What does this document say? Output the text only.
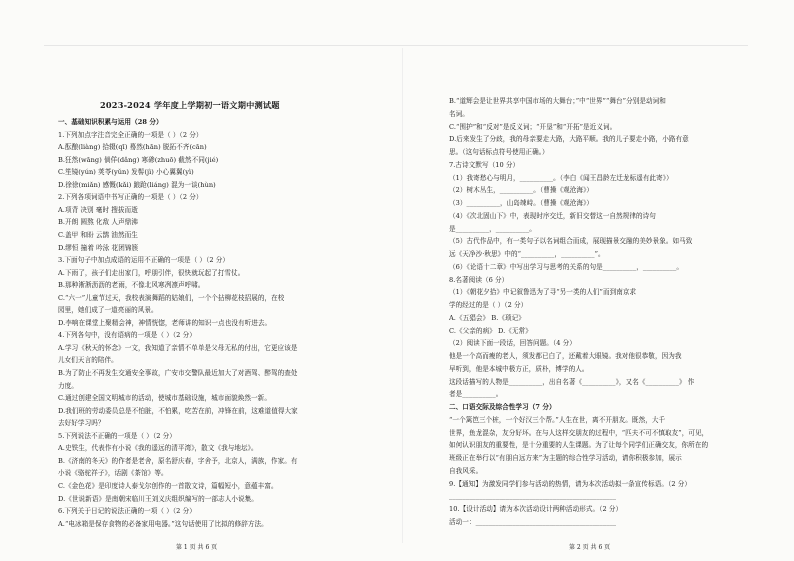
2023-2024 学年度上学期初一语文期中测试题
一、基础知识积累与运用（28 分）
1.下列加点字注音完全正确的一项是（ ）（2 分）
A.酝酿(liàng) 拾辍(qī) 蓦然(hān) 脱拓不齐(cān)
B.狂然(wāng) 倘佯(dǎng) 寒碜(zhuō) 截然不同(jié)
C.笙镜(yún) 荚苓(yǔn) 发髻(jì) 小心翼翼(yì)
D.徐徐(miǎn) 感慨(kǎi) 踉跄(liáng) 混为一谈(hùn)
2.下列各项词语中书写正确的一项是（ ）（2 分）
A.项背 决别 毫时 搜拔而逝
B.开朗 圆熬 化敌 人声鼎沸
C.盖甲 和盼 云鹊 油然而生
D.缪恒 撞着 吟泳 花团锦簇
3.下面句子中加点成语的运用不正确的一项是（ ）（2 分）
A.下雨了，孩子们走出家门，呼朋引伴，很快就玩起了打雪仗。
B.那种淅淅沥沥的老雨，不像北风寒冽凛声呼啸。
C.“六一”儿童节过天，我校表演舞蹈的姑娘们，一个个拈柳花枝招展的，在校
园里，她们成了一道亮丽的风景。
D.李响在课堂上聚精会神，神情恍惚，老师讲的知识一点也没有听进去。
4.下列各句中，没有语病的一项是（ ）（2 分）
A.学习《秋天的怀念》一文，我知道了亲情不单单是父母无私的付出，它更应该是
儿女们天言的陪伴。
B.为了防止不再发生交通安全事故，广安市交警队最近加大了对酒驾、醉驾的查处
力度。
C.通过创建全国文明城市的活动，使城市基础设施，城市面貌焕然一新。
D.我们班的劳动委员总是不怕脏，不怕累，吃苦在前，冲锋在前，这难道值得大家
去好好学习吗？
5.下列说法不正确的一项是（ ）（2 分）
A.史铁生，代表作有小说《我的遥远的清平湾》，散文《我与地坛》。
B.《济南的冬天》的作者是老舍，原名舒庆春，字舍予，北京人，满族，作家。有
小说《骆驼祥子》，话剧《茶馆》等。
C.《金色花》是印度诗人泰戈尔创作的一首散文诗，篇幅短小，意蕴丰富。
D.《世说新语》是南朝宋临川王刘义庆组织编写的一部志人小说集。
6.下列关于日记的说法正确的一项（ ）（2 分）
A.“电冰箱是保存食物的必备家用电器。”这句话使用了比拟的修辞方法。
第 1 页 共 6 页
B.“道辉会是让世界共享中国市场的大舞台；”中“世界”“舞台”分别是动词和
名词。
C.“围护”和“反对”是反义词；“开垦”和“开拓”是近义词。
D.后来发生了分歧，我的母亲要走大路，大路平顺。我的儿子要走小路，小路有意
思。（这句话标点符号使用正确。）
7.古诗文默写（10 分）
（1）我寄愁心与明月，__________。（李白《闻王昌龄左迁龙标遥有此寄》）
（2）树木丛生，__________。（曹操《观沧海》）
（3）__________，山岛竦峙。（曹操《观沧海》）
（4）《次北固山下》中，表现时序交迁，新旧交替这一自然规律的诗句
是__________，__________。
（5）古代作品中，有一类句子以名词组合而成，展现描景交融的美妙景象。如马致
远《天净沙·秋思》中的“__________，__________”。
（6）《论语十二章》中写出学习与思考的关系的句是__________，__________。
8.名著阅读（6 分）
（1）《朝花夕拾》中记叙鲁迅为了寻“另一类的人们”而到南京求
学的经过的是（ ）（2 分）
A.《五猖会》 B.《琐记》
C.《父亲的病》 D.《无常》
（2）阅读下面一段话，回答问题。（4 分）
他是一个高而瘦的老人，须发都已白了，还戴着大眼镜。我对他很恭敬，因为我
早听到，他是本城中极方正，质朴，博学的人。
这段话描写的人物是__________，出自名著《__________》，又名《__________》 作
者是__________。
二、口语交际及综合性学习（7 分）
“一个篱笆三个桩，一个好汉三个帮。”人生在世，离不开朋友。既然，大千
世界，鱼龙混杂，友分好坏。在与人这样交朋友的过程中，“匹夫不可不慎取友”，可见，
如何认识朋友的重要性，是十分重要的人生课题。为了让每个同学们正确交友，你所在的
班级正在举行以“有朋自远方来”为主题的综合性学习活动，请你积极参加，展示
自我风采。
9.【通知】为激发同学们参与活动的热情，请为本次活动拟一条宣传标语。（2 分）
__________________________________________________
10.【设计活动】请为本次活动设计两种活动形式。（2 分）
活动一：__________________________________________
第 2 页 共 6 页
